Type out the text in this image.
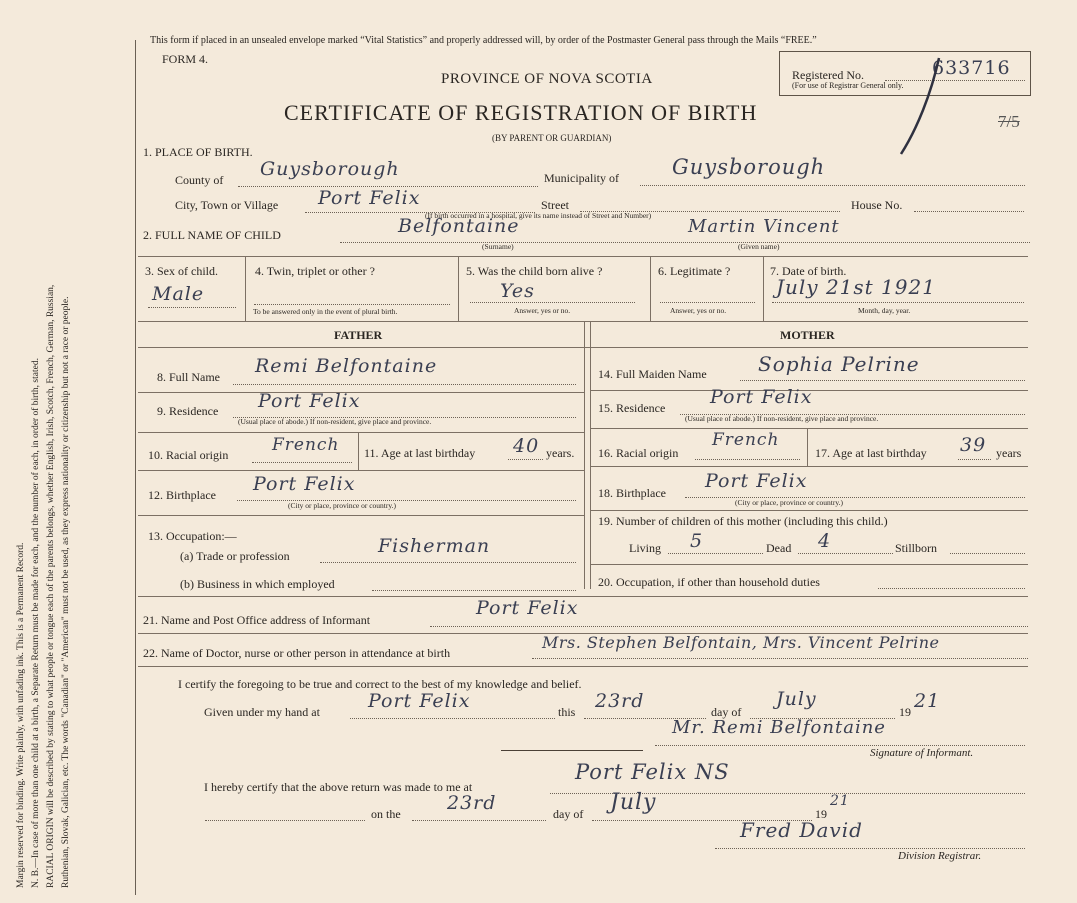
Margin reserved for binding. Write plainly, with unfading ink. This is a Permanent Record. N. B.—In case of more than one child at a birth, a Separate Return must be made for each, and the number of each, in order of birth, stated. RACIAL ORIGIN will be described by stating to what people or tongue each of the parents belongs, whether English, Irish, Scotch, French, German, Russian, Ruthenian, Slovak, Galician, etc. The words "Canadian" or "American" must not be used, as they express nationality or citizenship but not a race or people.
This form if placed in an unsealed envelope marked “Vital Statistics” and properly addressed will, by order of the Postmaster General pass through the Mails “FREE.”
FORM 4.
PROVINCE OF NOVA SCOTIA
CERTIFICATE OF REGISTRATION OF BIRTH
(BY PARENT OR GUARDIAN)
Registered No.
(For use of Registrar General only.
633716
7/5
1. PLACE OF BIRTH.
County of Guysborough	Municipality of	Guysborough
City, Town or Village Port Felix	Street	House No.
(If birth occurred in a hospital, give its name instead of Street and Number)
2. FULL NAME OF CHILD	Belfontaine	Martin Vincent
(Surname)	(Given name)
3. Sex of child.
Male
4. Twin, triplet or other ?
To be answered only in the event of plural birth.
5. Was the child born alive ?
Yes
Answer, yes or no.
6. Legitimate ?
Answer, yes or no.
7. Date of birth.
July 21st 1921
Month, day, year.
FATHER	MOTHER
8. Full Name Remi Belfontaine
9. Residence Port Felix
(Usual place of abode.) If non-resident, give place and province.
10. Racial origin	French 11. Age at last birthday 40 years.
12. Birthplace Port Felix
(City or place, province or country.)
13. Occupation:—
(a) Trade or profession	Fisherman
(b) Business in which employed
14. Full Maiden Name	Sophia Pelrine
15. Residence Port Felix
(Usual place of abode.) If non-resident, give place and province.
16. Racial origin
French
17. Age at last birthday 39 years
18. Birthplace
Port Felix
(City or place, province or country.)
19. Number of children of this mother (including this child.)
Living 5	Dead 4	Stillborn
20. Occupation, if other than household duties
21. Name and Post Office address of Informant
Port Felix
22. Name of Doctor, nurse or other person in attendance at birth
Mrs. Stephen Belfontain, Mrs. Vincent Pelrine
I certify the foregoing to be true and correct to the best of my knowledge and belief.
Given under my hand at	Port Felix	this 23rd	day of
July
19 21
Mr. Remi Belfontaine
Signature of Informant.
I hereby certify that the above return was made to me at
Port Felix NS
on the 23rd	day of July	19
21
Fred David
Division Registrar.
